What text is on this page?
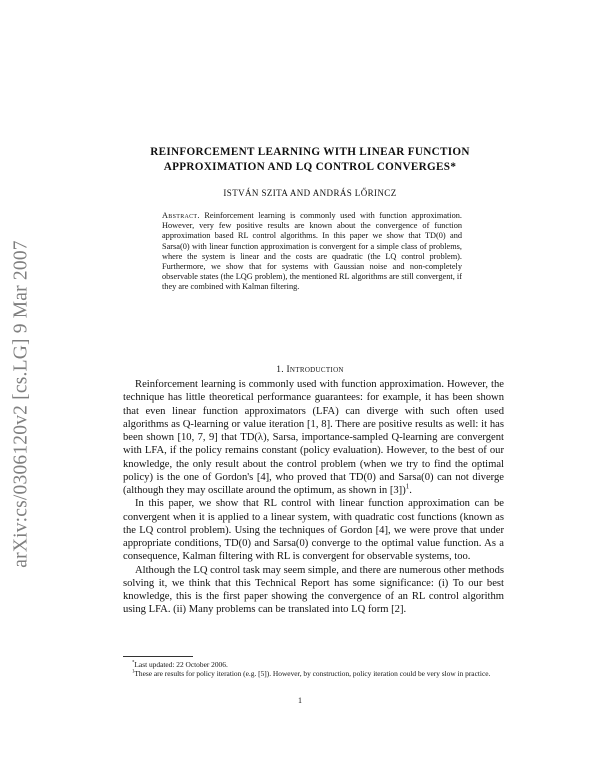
arXiv:cs/0306120v2 [cs.LG] 9 Mar 2007
REINFORCEMENT LEARNING WITH LINEAR FUNCTION
APPROXIMATION AND LQ CONTROL CONVERGES*
ISTVÁN SZITA AND ANDRÁS LŐRINCZ
Abstract. Reinforcement learning is commonly used with function approximation. However, very few positive results are known about the convergence of function approximation based RL control algorithms. In this paper we show that TD(0) and Sarsa(0) with linear function approximation is convergent for a simple class of problems, where the system is linear and the costs are quadratic (the LQ control problem). Furthermore, we show that for systems with Gaussian noise and non-completely observable states (the LQG problem), the mentioned RL algorithms are still convergent, if they are combined with Kalman filtering.
1. Introduction

Reinforcement learning is commonly used with function approximation. However, the technique has little theoretical performance guarantees: for example, it has been shown that even linear function approximators (LFA) can diverge with such often used algorithms as Q-learning or value iteration [1, 8]. There are positive results as well: it has been shown [10, 7, 9] that TD(λ), Sarsa, importance-sampled Q-learning are convergent with LFA, if the policy remains constant (policy evaluation). However, to the best of our knowledge, the only result about the control problem (when we try to find the optimal policy) is the one of Gordon's [4], who proved that TD(0) and Sarsa(0) can not diverge (although they may oscillate around the optimum, as shown in [3])$^1$.

In this paper, we show that RL control with linear function approximation can be convergent when it is applied to a linear system, with quadratic cost functions (known as the LQ control problem). Using the techniques of Gordon [4], we were prove that under appropriate conditions, TD(0) and Sarsa(0) converge to the optimal value function. As a consequence, Kalman filtering with RL is convergent for observable systems, too.

Although the LQ control task may seem simple, and there are numerous other methods solving it, we think that this Technical Report has some significance: (i) To our best knowledge, this is the first paper showing the convergence of an RL control algorithm using LFA. (ii) Many problems can be translated into LQ form [2].

*Last updated: 22 October 2006.

$^1$These are results for policy iteration (e.g. [5]). However, by construction, policy iteration could be very slow in practice.

1
